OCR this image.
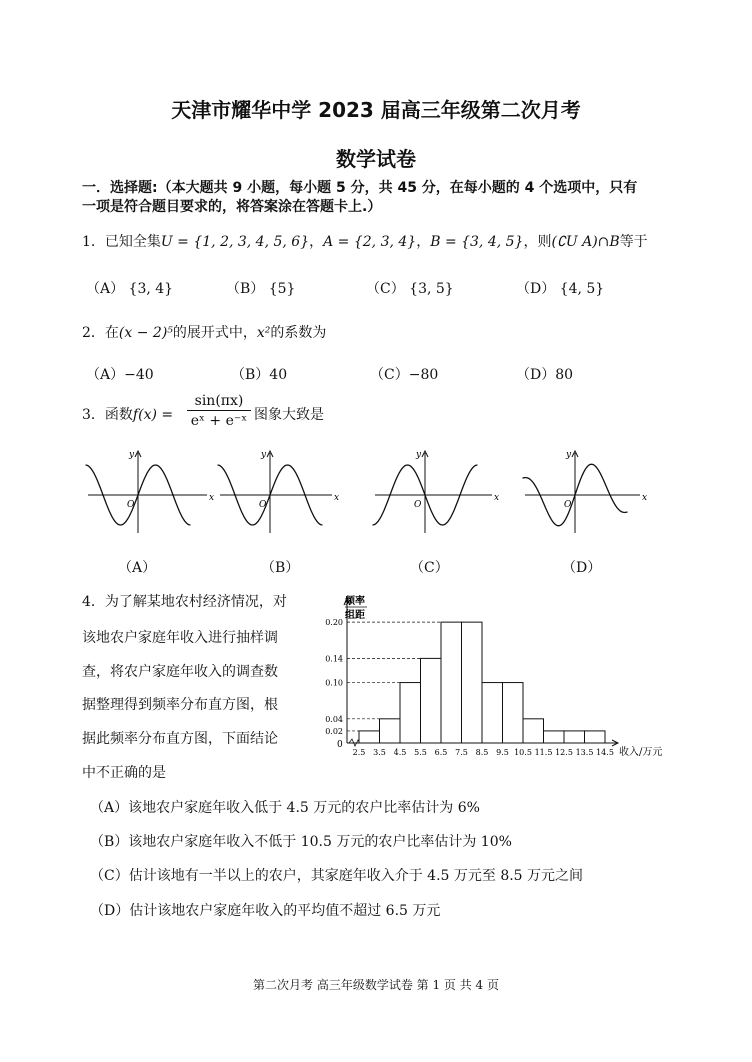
天津市耀华中学 2023 届高三年级第二次月考
数学试卷
一．选择题:（本大题共 9 小题，每小题 5 分，共 45 分，在每小题的 4 个选项中，只有
一项是符合题目要求的，将答案涂在答题卡上.）
1．已知全集U = {1, 2, 3, 4, 5, 6}，A = {2, 3, 4}，B = {3, 4, 5}，则(∁U A)∩B等于
（A） {3, 4}	（B） {5}	（C） {3, 5}	（D） {4, 5}
2．在(x − 2)⁵的展开式中，x²的系数为
（A）−40	（B）40	（C）−80	（D）80
3．函数$f(x) = \frac{\sin(\pi x)}{\text{eˣ + e⁻ˣ}}$ 图象大致是
y
x
O
y
x
O
y
x
O
y
x
O
（A）	（B）	（C）	（D）
4．为了解某地农村经济情况，对
该地农户家庭年收入进行抽样调
查，将农户家庭年收入的调查数
据整理得到频率分布直方图，根
据此频率分布直方图，下面结论
中不正确的是
0
频率
组距
0.02
0.04
0.10
0.14
0.20
2.5 3.5 4.5 5.5 6.5 7.5 8.5 9.5 10.5 11.5 12.5 13.5 14.5 收入/万元
（A）该地农户家庭年收入低于 4.5 万元的农户比率估计为 6%
（B）该地农户家庭年收入不低于 10.5 万元的农户比率估计为 10%
（C）估计该地有一半以上的农户，其家庭年收入介于 4.5 万元至 8.5 万元之间
（D）估计该地农户家庭年收入的平均值不超过 6.5 万元
第二次月考 高三年级数学试卷 第 1 页 共 4 页
